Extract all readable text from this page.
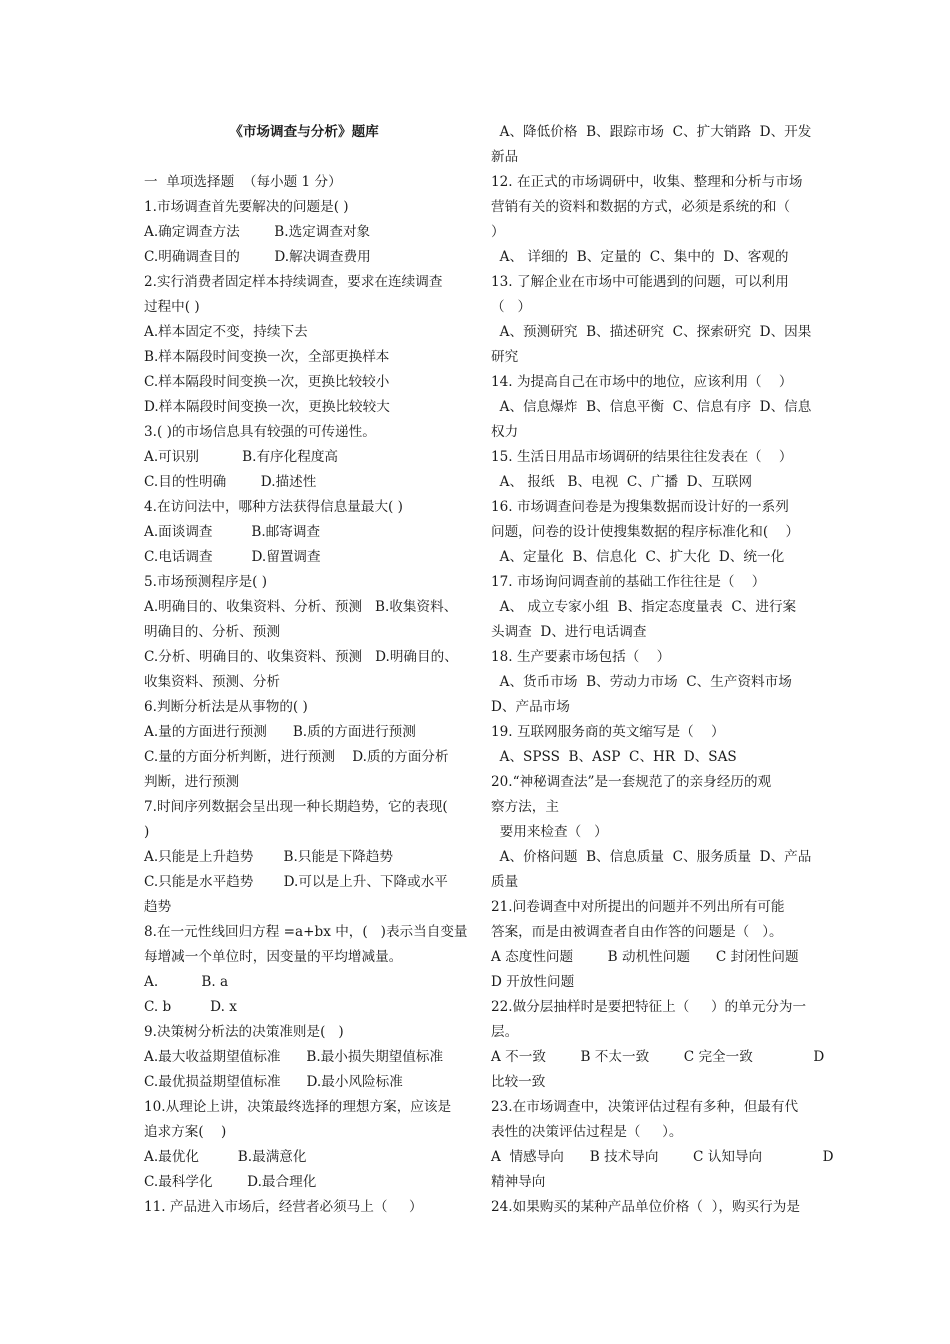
《市场调查与分析》题库
一  单项选择题  （每小题 1 分）
1.市场调查首先要解决的问题是( )
A.确定调查方法        B.选定调查对象
C.明确调查目的        D.解决调查费用
2.实行消费者固定样本持续调查，要求在连续调查
过程中( )
A.样本固定不变，持续下去
B.样本隔段时间变换一次，全部更换样本
C.样本隔段时间变换一次，更换比较较小
D.样本隔段时间变换一次，更换比较较大
3.( )的市场信息具有较强的可传递性。
A.可识别          B.有序化程度高
C.目的性明确        D.描述性
4.在访问法中，哪种方法获得信息量最大( )
A.面谈调查         B.邮寄调查
C.电话调查         D.留置调查
5.市场预测程序是( )
A.明确目的、收集资料、分析、预测   B.收集资料、
明确目的、分析、预测
C.分析、明确目的、收集资料、预测   D.明确目的、
收集资料、预测、分析
6.判断分析法是从事物的( )
A.量的方面进行预测      B.质的方面进行预测
C.量的方面分析判断，进行预测    D.质的方面分析
判断，进行预测
7.时间序列数据会呈出现一种长期趋势，它的表现(
)
A.只能是上升趋势       B.只能是下降趋势
C.只能是水平趋势       D.可以是上升、下降或水平
趋势
8.在一元性线回归方程 =a+bx 中，(   )表示当自变量
每增减一个单位时，因变量的平均增减量。
A.          B. a
C. b         D. x
9.决策树分析法的决策准则是(   )
A.最大收益期望值标准      B.最小损失期望值标准
C.最优损益期望值标准      D.最小风险标准
10.从理论上讲，决策最终选择的理想方案，应该是
追求方案(    )
A.最优化         B.最满意化
C.最科学化        D.最合理化
11. 产品进入市场后，经营者必须马上（     ）
A、降低价格  B、跟踪市场  C、扩大销路  D、开发
新品
12. 在正式的市场调研中，收集、整理和分析与市场
营销有关的资料和数据的方式，必须是系统的和（
）
A、 详细的  B、定量的  C、集中的  D、客观的
13. 了解企业在市场中可能遇到的问题，可以利用
（   ）
A、预测研究  B、描述研究  C、探索研究  D、因果
研究
14. 为提高自己在市场中的地位，应该利用（    ）
A、信息爆炸  B、信息平衡  C、信息有序  D、信息
权力
15. 生活日用品市场调研的结果往往发表在（    ）
A、 报纸   B、电视  C、广播  D、互联网
16. 市场调查问卷是为搜集数据而设计好的一系列
问题，问卷的设计使搜集数据的程序标准化和(    ）
A、定量化  B、信息化  C、扩大化  D、统一化
17. 市场询问调查前的基础工作往往是（    ）
A、 成立专家小组  B、指定态度量表  C、进行案
头调查  D、进行电话调查
18. 生产要素市场包括（    ）
A、货币市场  B、劳动力市场  C、生产资料市场
D、产品市场
19. 互联网服务商的英文缩写是（    ）
A、SPSS  B、ASP  C、HR  D、SAS
20.“神秘调查法”是一套规范了的亲身经历的观
察方法，主
要用来检查（   ）
A、价格问题  B、信息质量  C、服务质量  D、产品
质量
21.问卷调查中对所提出的问题并不列出所有可能
答案，而是由被调查者自由作答的问题是（   ）。
A 态度性问题        B 动机性问题      C 封闭性问题
D 开放性问题
22.做分层抽样时是要把特征上（     ）的单元分为一
层。
A 不一致        B 不太一致        C 完全一致              D
比较一致
23.在市场调查中，决策评估过程有多种，但最有代
表性的决策评估过程是（     ）。
A  情感导向      B 技术导向        C 认知导向              D
精神导向
24.如果购买的某种产品单位价格（  ），购买行为是
